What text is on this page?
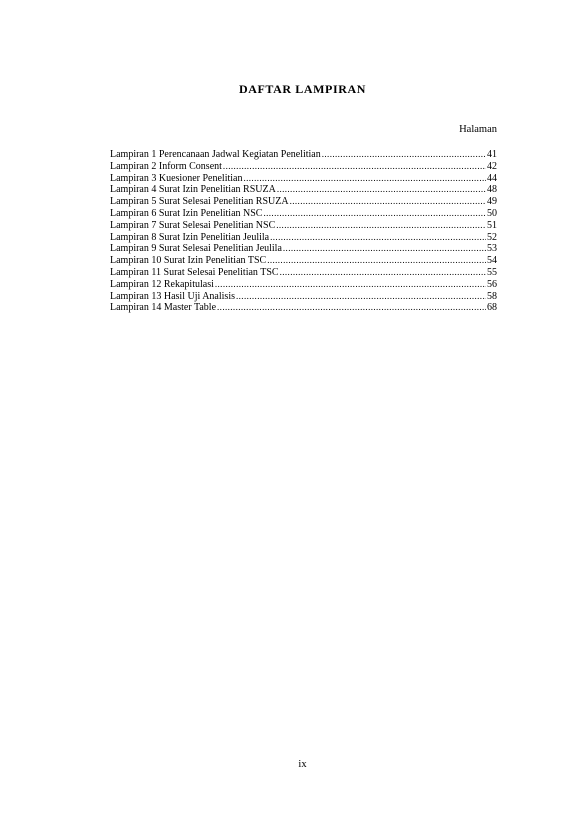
DAFTAR LAMPIRAN
Halaman
Lampiran 1 Perencanaan Jadwal Kegiatan Penelitian .....	41
Lampiran 2 Inform Consent .....	42
Lampiran 3 Kuesioner Penelitian .....	44
Lampiran 4 Surat Izin Penelitian RSUZA .....	48
Lampiran 5 Surat Selesai Penelitian RSUZA .....	49
Lampiran 6 Surat Izin Penelitian NSC .....	50
Lampiran 7 Surat Selesai Penelitian NSC .....	51
Lampiran 8 Surat Izin Penelitian Jeulila .....	52
Lampiran 9 Surat Selesai Penelitian Jeulila .....	53
Lampiran 10 Surat Izin Penelitian TSC .....	54
Lampiran 11 Surat Selesai Penelitian TSC .....	55
Lampiran 12 Rekapitulasi .....	56
Lampiran 13 Hasil Uji Analisis .....	58
Lampiran 14 Master Table .....	68
ix
